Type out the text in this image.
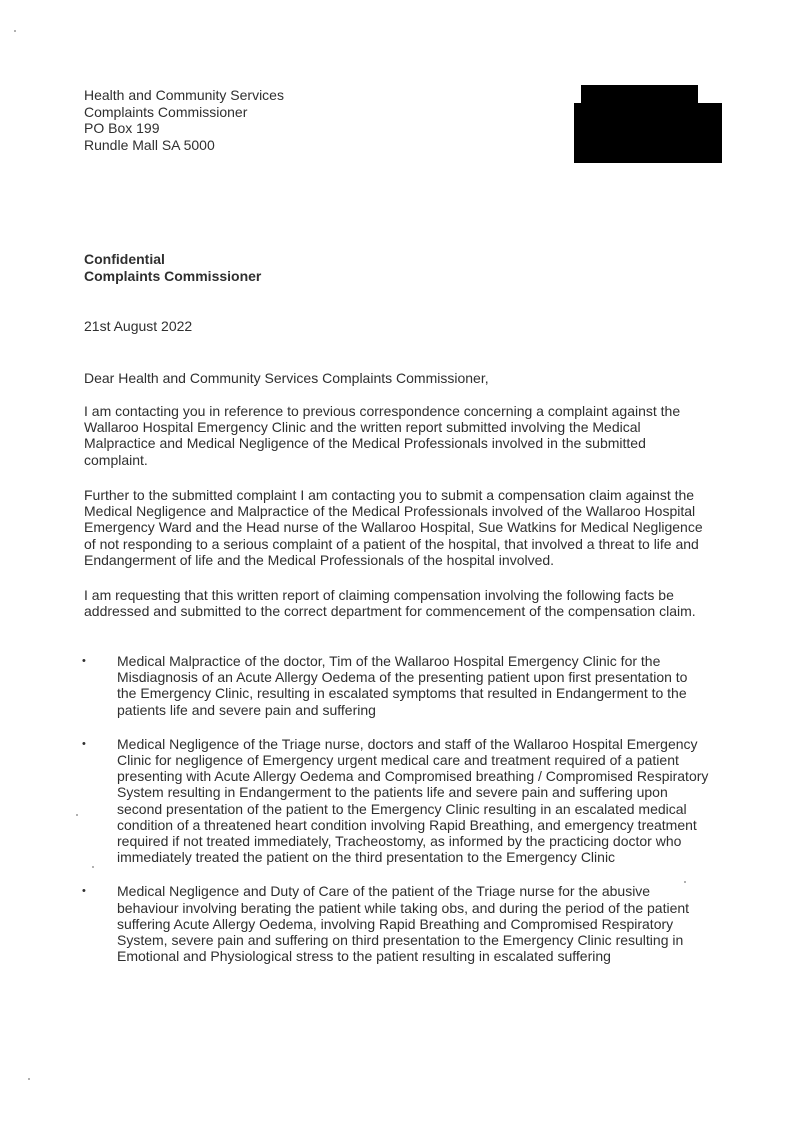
Health and Community Services
Complaints Commissioner
PO Box 199
Rundle Mall SA 5000
Confidential
Complaints Commissioner
21st August 2022
Dear Health and Community Services Complaints Commissioner,
I am contacting you in reference to previous correspondence concerning a complaint against the Wallaroo Hospital Emergency Clinic and the written report submitted involving the Medical Malpractice and Medical Negligence of the Medical Professionals involved in the submitted complaint.
Further to the submitted complaint I am contacting you to submit a compensation claim against the Medical Negligence and Malpractice of the Medical Professionals involved of the Wallaroo Hospital Emergency Ward and the Head nurse of the Wallaroo Hospital, Sue Watkins for Medical Negligence of not responding to a serious complaint of a patient of the hospital, that involved a threat to life and Endangerment of life and the Medical Professionals of the hospital involved.
I am requesting that this written report of claiming compensation involving the following facts be addressed and submitted to the correct department for commencement of the compensation claim.
• Medical Malpractice of the doctor, Tim of the Wallaroo Hospital Emergency Clinic for the Misdiagnosis of an Acute Allergy Oedema of the presenting patient upon first presentation to the Emergency Clinic, resulting in escalated symptoms that resulted in Endangerment to the patients life and severe pain and suffering
• Medical Negligence of the Triage nurse, doctors and staff of the Wallaroo Hospital Emergency Clinic for negligence of Emergency urgent medical care and treatment required of a patient presenting with Acute Allergy Oedema and Compromised breathing / Compromised Respiratory System resulting in Endangerment to the patients life and severe pain and suffering upon second presentation of the patient to the Emergency Clinic resulting in an escalated medical condition of a threatened heart condition involving Rapid Breathing, and emergency treatment required if not treated immediately, Tracheostomy, as informed by the practicing doctor who immediately treated the patient on the third presentation to the Emergency Clinic
• Medical Negligence and Duty of Care of the patient of the Triage nurse for the abusive behaviour involving berating the patient while taking obs, and during the period of the patient suffering Acute Allergy Oedema, involving Rapid Breathing and Compromised Respiratory System, severe pain and suffering on third presentation to the Emergency Clinic resulting in Emotional and Physiological stress to the patient resulting in escalated suffering
